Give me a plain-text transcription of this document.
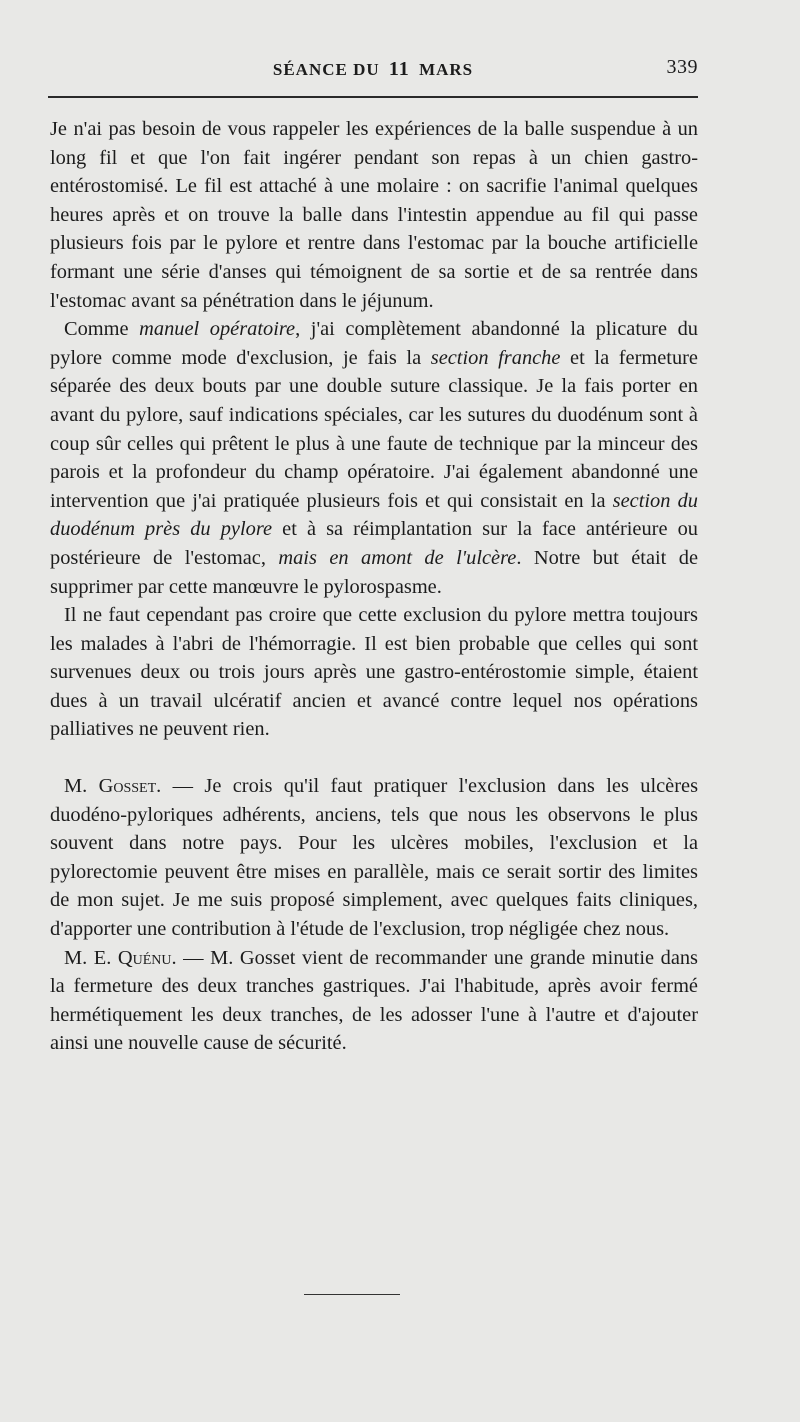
SÉANCE DU 11 MARS	339

Je n'ai pas besoin de vous rappeler les expériences de la balle suspendue à un long fil et que l'on fait ingérer pendant son repas à un chien gastro-entérostomisé. Le fil est attaché à une molaire : on sacrifie l'animal quelques heures après et on trouve la balle dans l'intestin appendue au fil qui passe plusieurs fois par le pylore et rentre dans l'estomac par la bouche artificielle formant une série d'anses qui témoignent de sa sortie et de sa rentrée dans l'estomac avant sa pénétration dans le jéjunum.

Comme manuel opératoire, j'ai complètement abandonné la plicature du pylore comme mode d'exclusion, je fais la section franche et la fermeture séparée des deux bouts par une double suture classique. Je la fais porter en avant du pylore, sauf indications spéciales, car les sutures du duodénum sont à coup sûr celles qui prêtent le plus à une faute de technique par la minceur des parois et la profondeur du champ opératoire. J'ai également abandonné une intervention que j'ai pratiquée plusieurs fois et qui consistait en la section du duodénum près du pylore et à sa réimplantation sur la face antérieure ou postérieure de l'estomac, mais en amont de l'ulcère. Notre but était de supprimer par cette manœuvre le pylorospasme.

Il ne faut cependant pas croire que cette exclusion du pylore mettra toujours les malades à l'abri de l'hémorragie. Il est bien probable que celles qui sont survenues deux ou trois jours après une gastro-entérostomie simple, étaient dues à un travail ulcératif ancien et avancé contre lequel nos opérations palliatives ne peuvent rien.

M. Gosset. — Je crois qu'il faut pratiquer l'exclusion dans les ulcères duodéno-pyloriques adhérents, anciens, tels que nous les observons le plus souvent dans notre pays. Pour les ulcères mobiles, l'exclusion et la pylorectomie peuvent être mises en parallèle, mais ce serait sortir des limites de mon sujet. Je me suis proposé simplement, avec quelques faits cliniques, d'apporter une contribution à l'étude de l'exclusion, trop négligée chez nous.

M. E. Quénu. — M. Gosset vient de recommander une grande minutie dans la fermeture des deux tranches gastriques. J'ai l'habitude, après avoir fermé hermétiquement les deux tranches, de les adosser l'une à l'autre et d'ajouter ainsi une nouvelle cause de sécurité.
